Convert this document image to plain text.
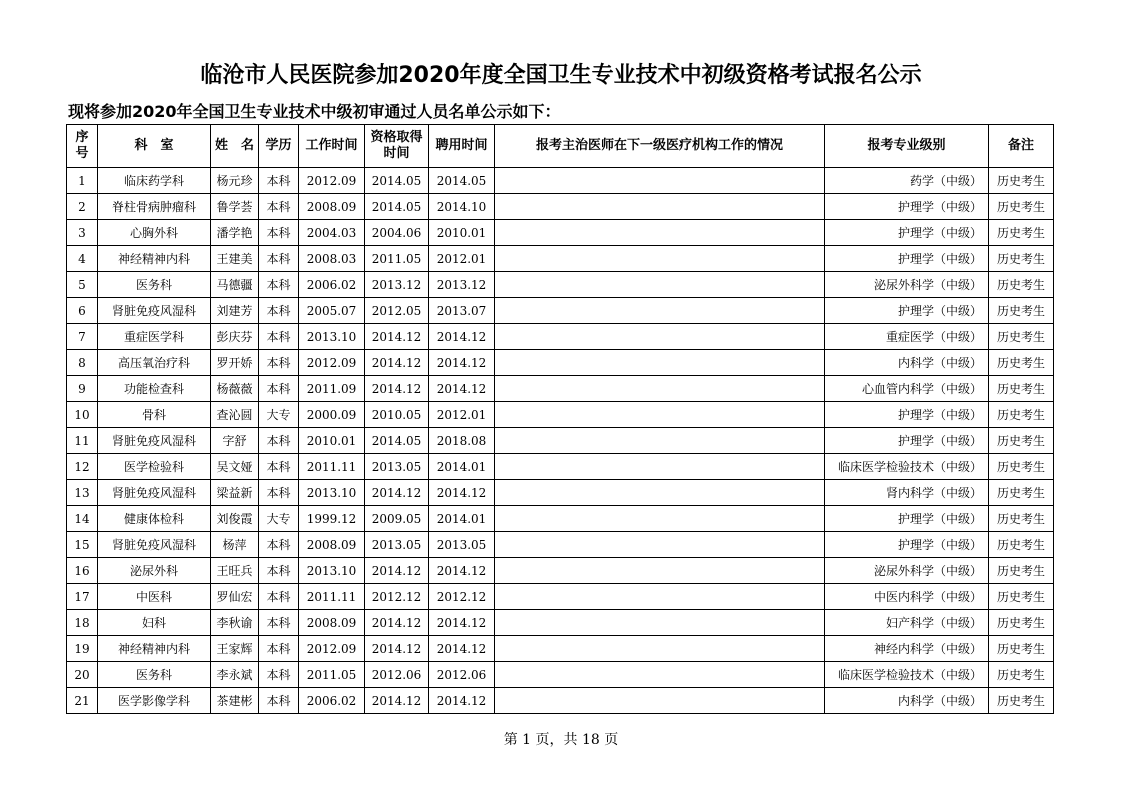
临沧市人民医院参加2020年度全国卫生专业技术中初级资格考试报名公示
现将参加2020年全国卫生专业技术中级初审通过人员名单公示如下：
序号	科　室	姓　名	学历	工作时间	资格取得时间	聘用时间	报考主治医师在下一级医疗机构工作的情况	报考专业级别	备注
1	临床药学科	杨元珍	本科	2012.09	2014.05	2014.05		药学（中级）	历史考生
2	脊柱骨病肿瘤科	鲁学荟	本科	2008.09	2014.05	2014.10		护理学（中级）	历史考生
3	心胸外科	潘学艳	本科	2004.03	2004.06	2010.01		护理学（中级）	历史考生
4	神经精神内科	王建美	本科	2008.03	2011.05	2012.01		护理学（中级）	历史考生
5	医务科	马德疆	本科	2006.02	2013.12	2013.12		泌尿外科学（中级）	历史考生
6	肾脏免疫风湿科	刘建芳	本科	2005.07	2012.05	2013.07		护理学（中级）	历史考生
7	重症医学科	彭庆芬	本科	2013.10	2014.12	2014.12		重症医学（中级）	历史考生
8	高压氧治疗科	罗开娇	本科	2012.09	2014.12	2014.12		内科学（中级）	历史考生
9	功能检查科	杨薇薇	本科	2011.09	2014.12	2014.12		心血管内科学（中级）	历史考生
10	骨科	查沁圆	大专	2000.09	2010.05	2012.01		护理学（中级）	历史考生
11	肾脏免疫风湿科	字舒	本科	2010.01	2014.05	2018.08		护理学（中级）	历史考生
12	医学检验科	吴文娅	本科	2011.11	2013.05	2014.01		临床医学检验技术（中级）	历史考生
13	肾脏免疫风湿科	梁益新	本科	2013.10	2014.12	2014.12		肾内科学（中级）	历史考生
14	健康体检科	刘俊霞	大专	1999.12	2009.05	2014.01		护理学（中级）	历史考生
15	肾脏免疫风湿科	杨萍	本科	2008.09	2013.05	2013.05		护理学（中级）	历史考生
16	泌尿外科	王旺兵	本科	2013.10	2014.12	2014.12		泌尿外科学（中级）	历史考生
17	中医科	罗仙宏	本科	2011.11	2012.12	2012.12		中医内科学（中级）	历史考生
18	妇科	李秋谕	本科	2008.09	2014.12	2014.12		妇产科学（中级）	历史考生
19	神经精神内科	王家辉	本科	2012.09	2014.12	2014.12		神经内科学（中级）	历史考生
20	医务科	李永斌	本科	2011.05	2012.06	2012.06		临床医学检验技术（中级）	历史考生
21	医学影像学科	茶建彬	本科	2006.02	2014.12	2014.12		内科学（中级）	历史考生
第 1 页，共 18 页
